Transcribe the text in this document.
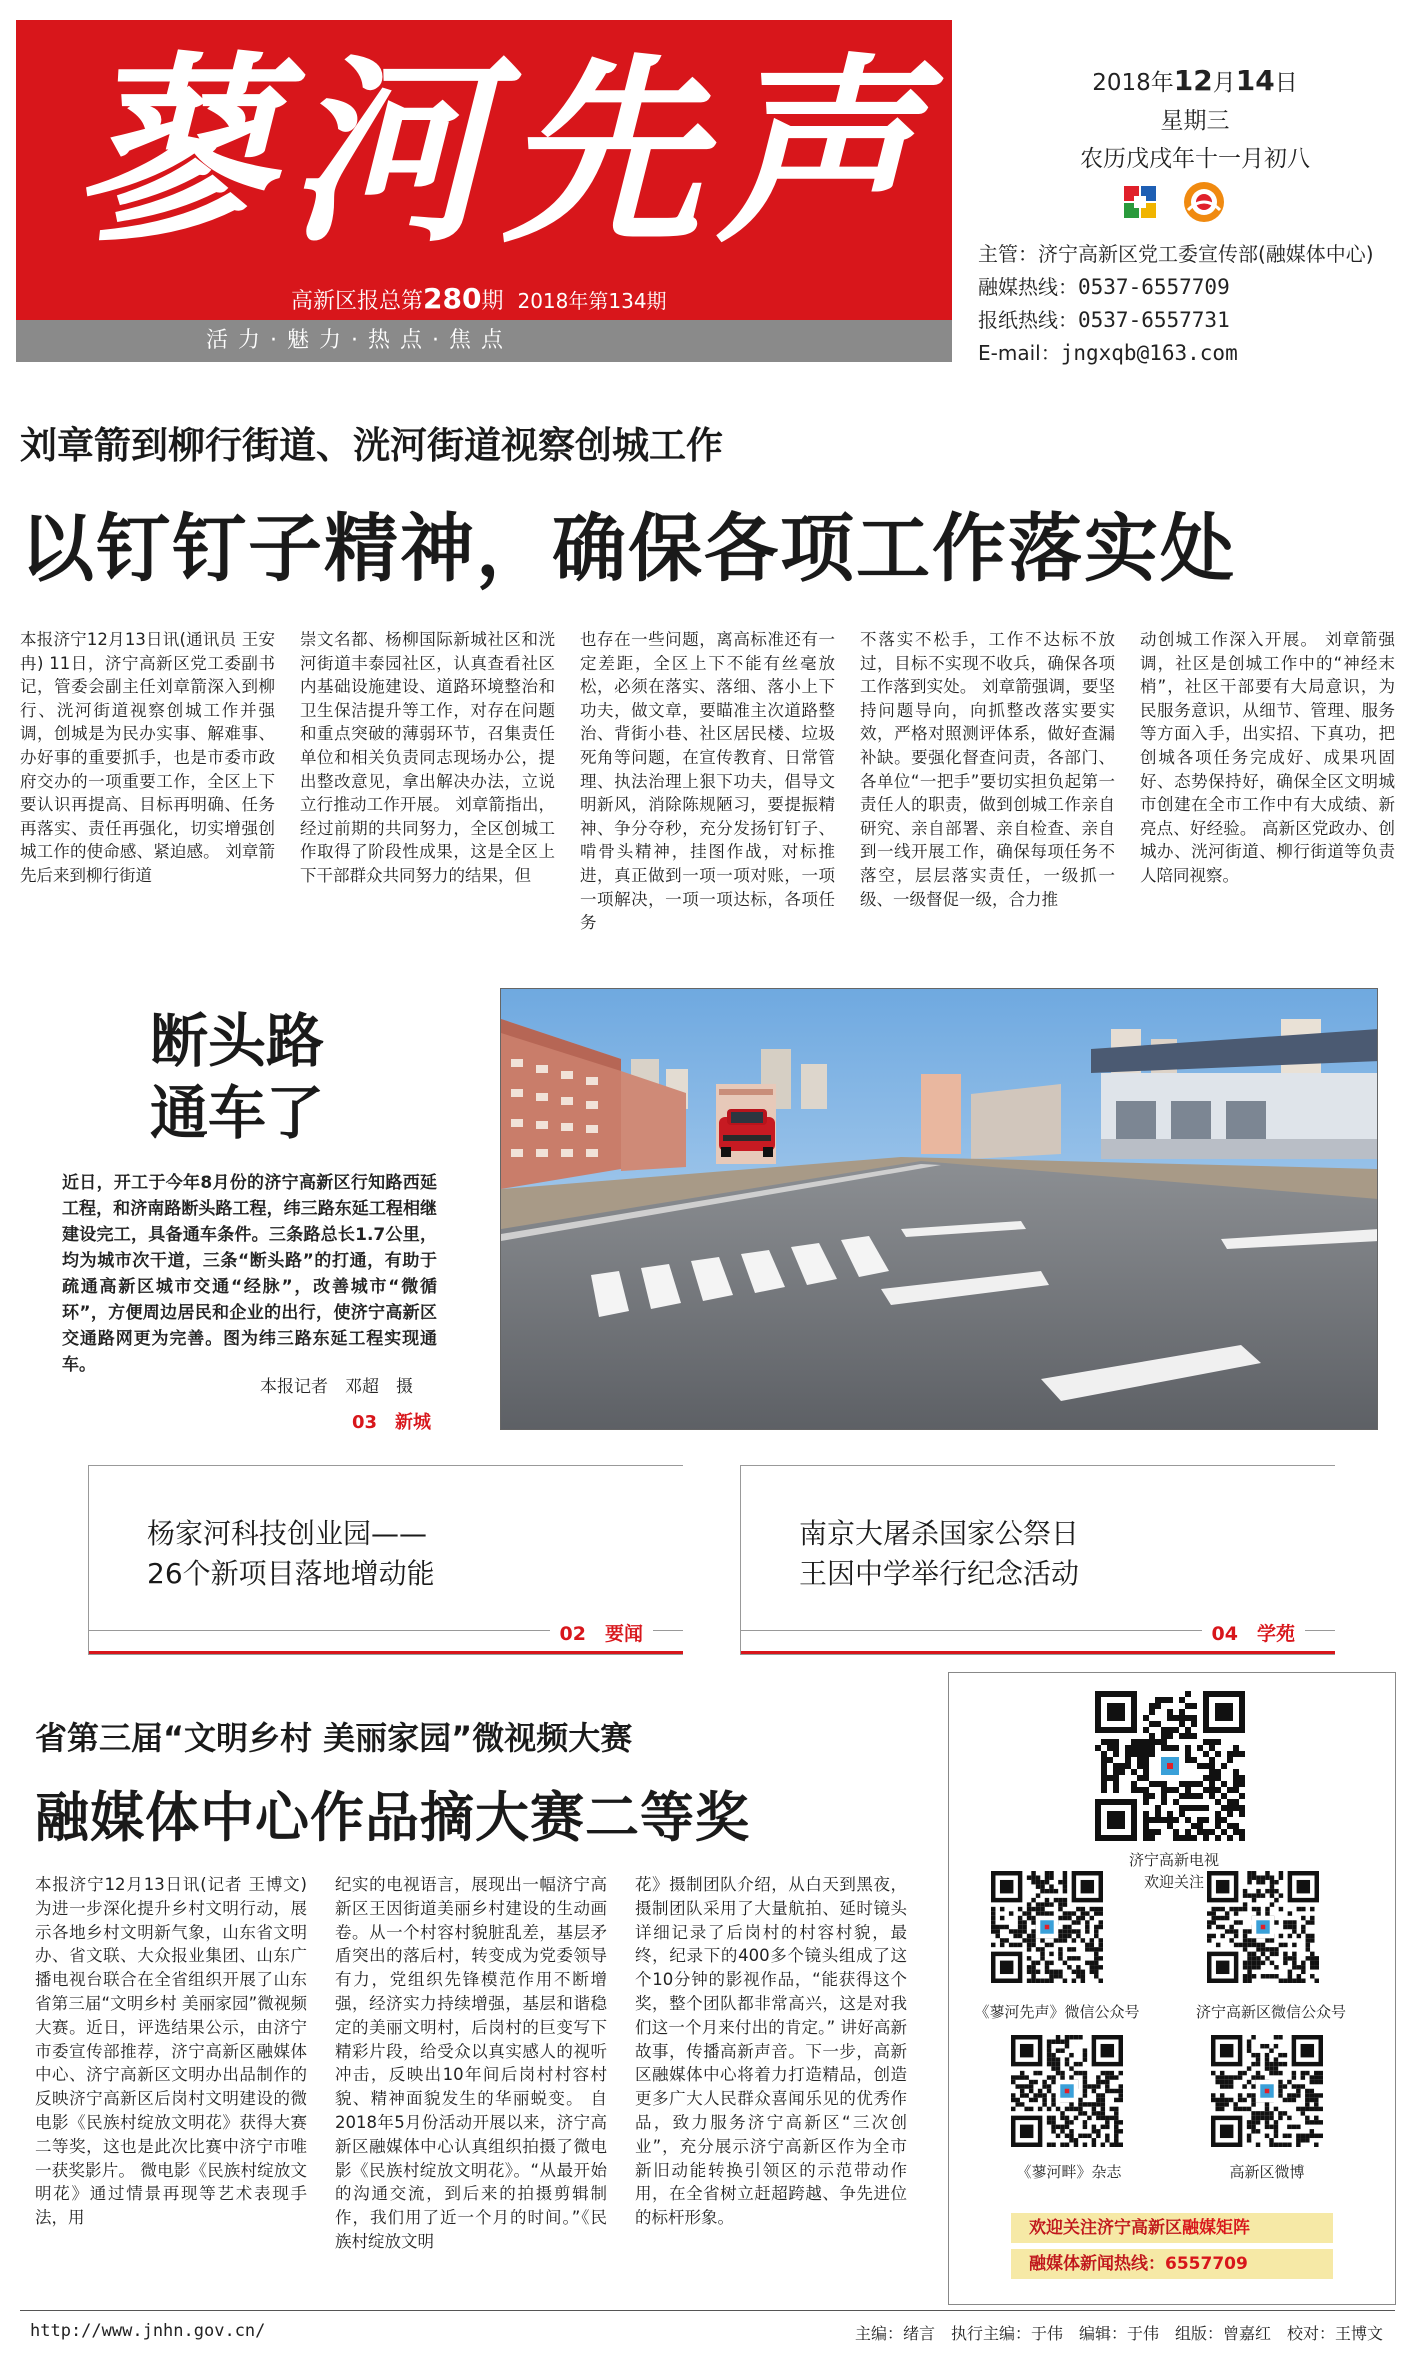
蓼河先声
高新区报总第280期 2018年第134期
活力·魅力·热点·焦点
2018年12月14日
星期三
农历戊戌年十一月初八
主管：济宁高新区党工委宣传部(融媒体中心)
融媒热线：0537-6557709
报纸热线：0537-6557731
E-mail：jngxqb@163.com
刘章箭到柳行街道、洸河街道视察创城工作
以钉钉子精神，确保各项工作落实处
本报济宁12月13日讯(通讯员 王安冉) 11日，济宁高新区党工委副书记，管委会副主任刘章箭深入到柳行、洸河街道视察创城工作并强调，创城是为民办实事、解难事、办好事的重要抓手，也是市委市政府交办的一项重要工作，全区上下要认识再提高、目标再明确、任务再落实、责任再强化，切实增强创城工作的使命感、紧迫感。 刘章箭先后来到柳行街道
崇文名都、杨柳国际新城社区和洸河街道丰泰园社区，认真查看社区内基础设施建设、道路环境整治和卫生保洁提升等工作，对存在问题和重点突破的薄弱环节，召集责任单位和相关负责同志现场办公，提出整改意见，拿出解决办法，立说立行推动工作开展。 刘章箭指出，经过前期的共同努力，全区创城工作取得了阶段性成果，这是全区上下干部群众共同努力的结果，但
也存在一些问题，离高标准还有一定差距，全区上下不能有丝毫放松，必须在落实、落细、落小上下功夫，做文章，要瞄准主次道路整治、背街小巷、社区居民楼、垃圾死角等问题，在宣传教育、日常管理、执法治理上狠下功夫，倡导文明新风，消除陈规陋习，要提振精神、争分夺秒，充分发扬钉钉子、啃骨头精神，挂图作战，对标推进，真正做到一项一项对账，一项一项解决，一项一项达标，各项任务
不落实不松手，工作不达标不放过，目标不实现不收兵，确保各项工作落到实处。 刘章箭强调，要坚持问题导向，向抓整改落实要实效，严格对照测评体系，做好查漏补缺。要强化督查问责，各部门、各单位“一把手”要切实担负起第一责任人的职责，做到创城工作亲自研究、亲自部署、亲自检查、亲自到一线开展工作，确保每项任务不落空，层层落实责任，一级抓一级、一级督促一级，合力推
动创城工作深入开展。 刘章箭强调，社区是创城工作中的“神经末梢”，社区干部要有大局意识，为民服务意识，从细节、管理、服务等方面入手，出实招、下真功，把创城各项任务完成好、成果巩固好、态势保持好，确保全区文明城市创建在全市工作中有大成绩、新亮点、好经验。 高新区党政办、创城办、洸河街道、柳行街道等负责人陪同视察。
断头路
通车了
近日，开工于今年8月份的济宁高新区行知路西延工程，和济南路断头路工程，纬三路东延工程相继建设完工，具备通车条件。三条路总长1.7公里，均为城市次干道，三条“断头路”的打通，有助于疏通高新区城市交通“经脉”，改善城市“微循环”，方便周边居民和企业的出行，使济宁高新区交通路网更为完善。图为纬三路东延工程实现通车。
本报记者　邓超　摄
03　新城
杨家河科技创业园——
26个新项目落地增动能
02　要闻
南京大屠杀国家公祭日
王因中学举行纪念活动
04　学苑
省第三届“文明乡村 美丽家园”微视频大赛
融媒体中心作品摘大赛二等奖
本报济宁12月13日讯(记者 王博文) 为进一步深化提升乡村文明行动，展示各地乡村文明新气象，山东省文明办、省文联、大众报业集团、山东广播电视台联合在全省组织开展了山东省第三届“文明乡村 美丽家园”微视频大赛。近日，评选结果公示，由济宁市委宣传部推荐，济宁高新区融媒体中心、济宁高新区文明办出品制作的反映济宁高新区后岗村文明建设的微电影《民族村绽放文明花》获得大赛二等奖，这也是此次比赛中济宁市唯一获奖影片。 微电影《民族村绽放文明花》通过情景再现等艺术表现手法，用
纪实的电视语言，展现出一幅济宁高新区王因街道美丽乡村建设的生动画卷。从一个村容村貌脏乱差，基层矛盾突出的落后村，转变成为党委领导有力，党组织先锋模范作用不断增强，经济实力持续增强，基层和谐稳定的美丽文明村，后岗村的巨变写下精彩片段，给受众以真实感人的视听冲击，反映出10年间后岗村村容村貌、精神面貌发生的华丽蜕变。 自2018年5月份活动开展以来，济宁高新区融媒体中心认真组织拍摄了微电影《民族村绽放文明花》。“从最开始的沟通交流，到后来的拍摄剪辑制作，我们用了近一个月的时间。”《民族村绽放文明
花》摄制团队介绍，从白天到黑夜，摄制团队采用了大量航拍、延时镜头详细记录了后岗村的村容村貌，最终，纪录下的400多个镜头组成了这个10分钟的影视作品，“能获得这个奖，整个团队都非常高兴，这是对我们这一个月来付出的肯定。” 讲好高新故事，传播高新声音。下一步，高新区融媒体中心将着力打造精品，创造更多广大人民群众喜闻乐见的优秀作品，致力服务济宁高新区“三次创业”，充分展示济宁高新区作为全市新旧动能转换引领区的示范带动作用，在全省树立赶超跨越、争先进位的标杆形象。
济宁高新电视
欢迎关注
《蓼河先声》微信公众号	济宁高新区微信公众号
《蓼河畔》杂志	高新区微博
欢迎关注济宁高新区融媒矩阵
融媒体新闻热线：6557709
http://www.jnhn.gov.cn/	主编：绪言　执行主编：于伟　编辑：于伟　组版：曾嘉红　校对：王博文
